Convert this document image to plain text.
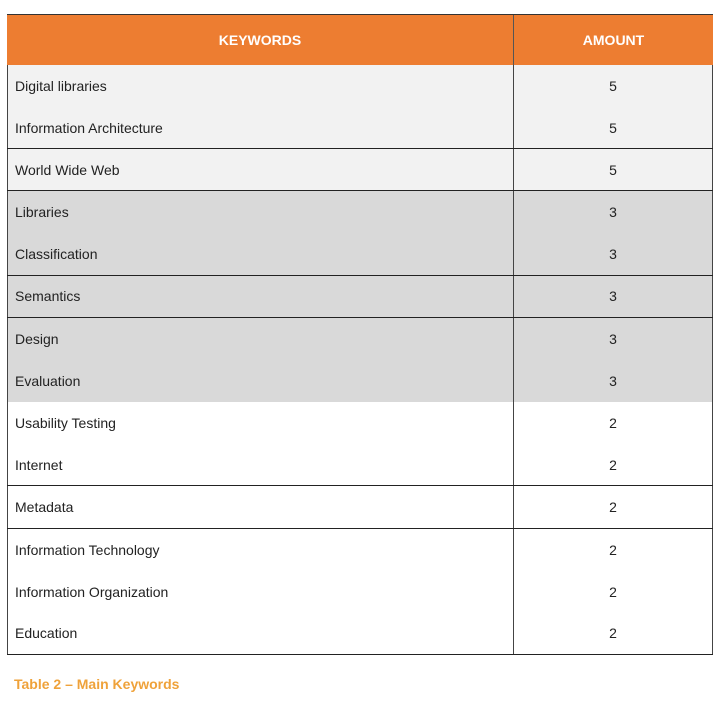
KEYWORDS	AMOUNT
Digital libraries	5
Information Architecture	5
World Wide Web	5
Libraries	3
Classification	3
Semantics	3
Design	3
Evaluation	3
Usability Testing	2
Internet	2
Metadata	2
Information Technology	2
Information Organization	2
Education	2
Table 2 – Main Keywords
